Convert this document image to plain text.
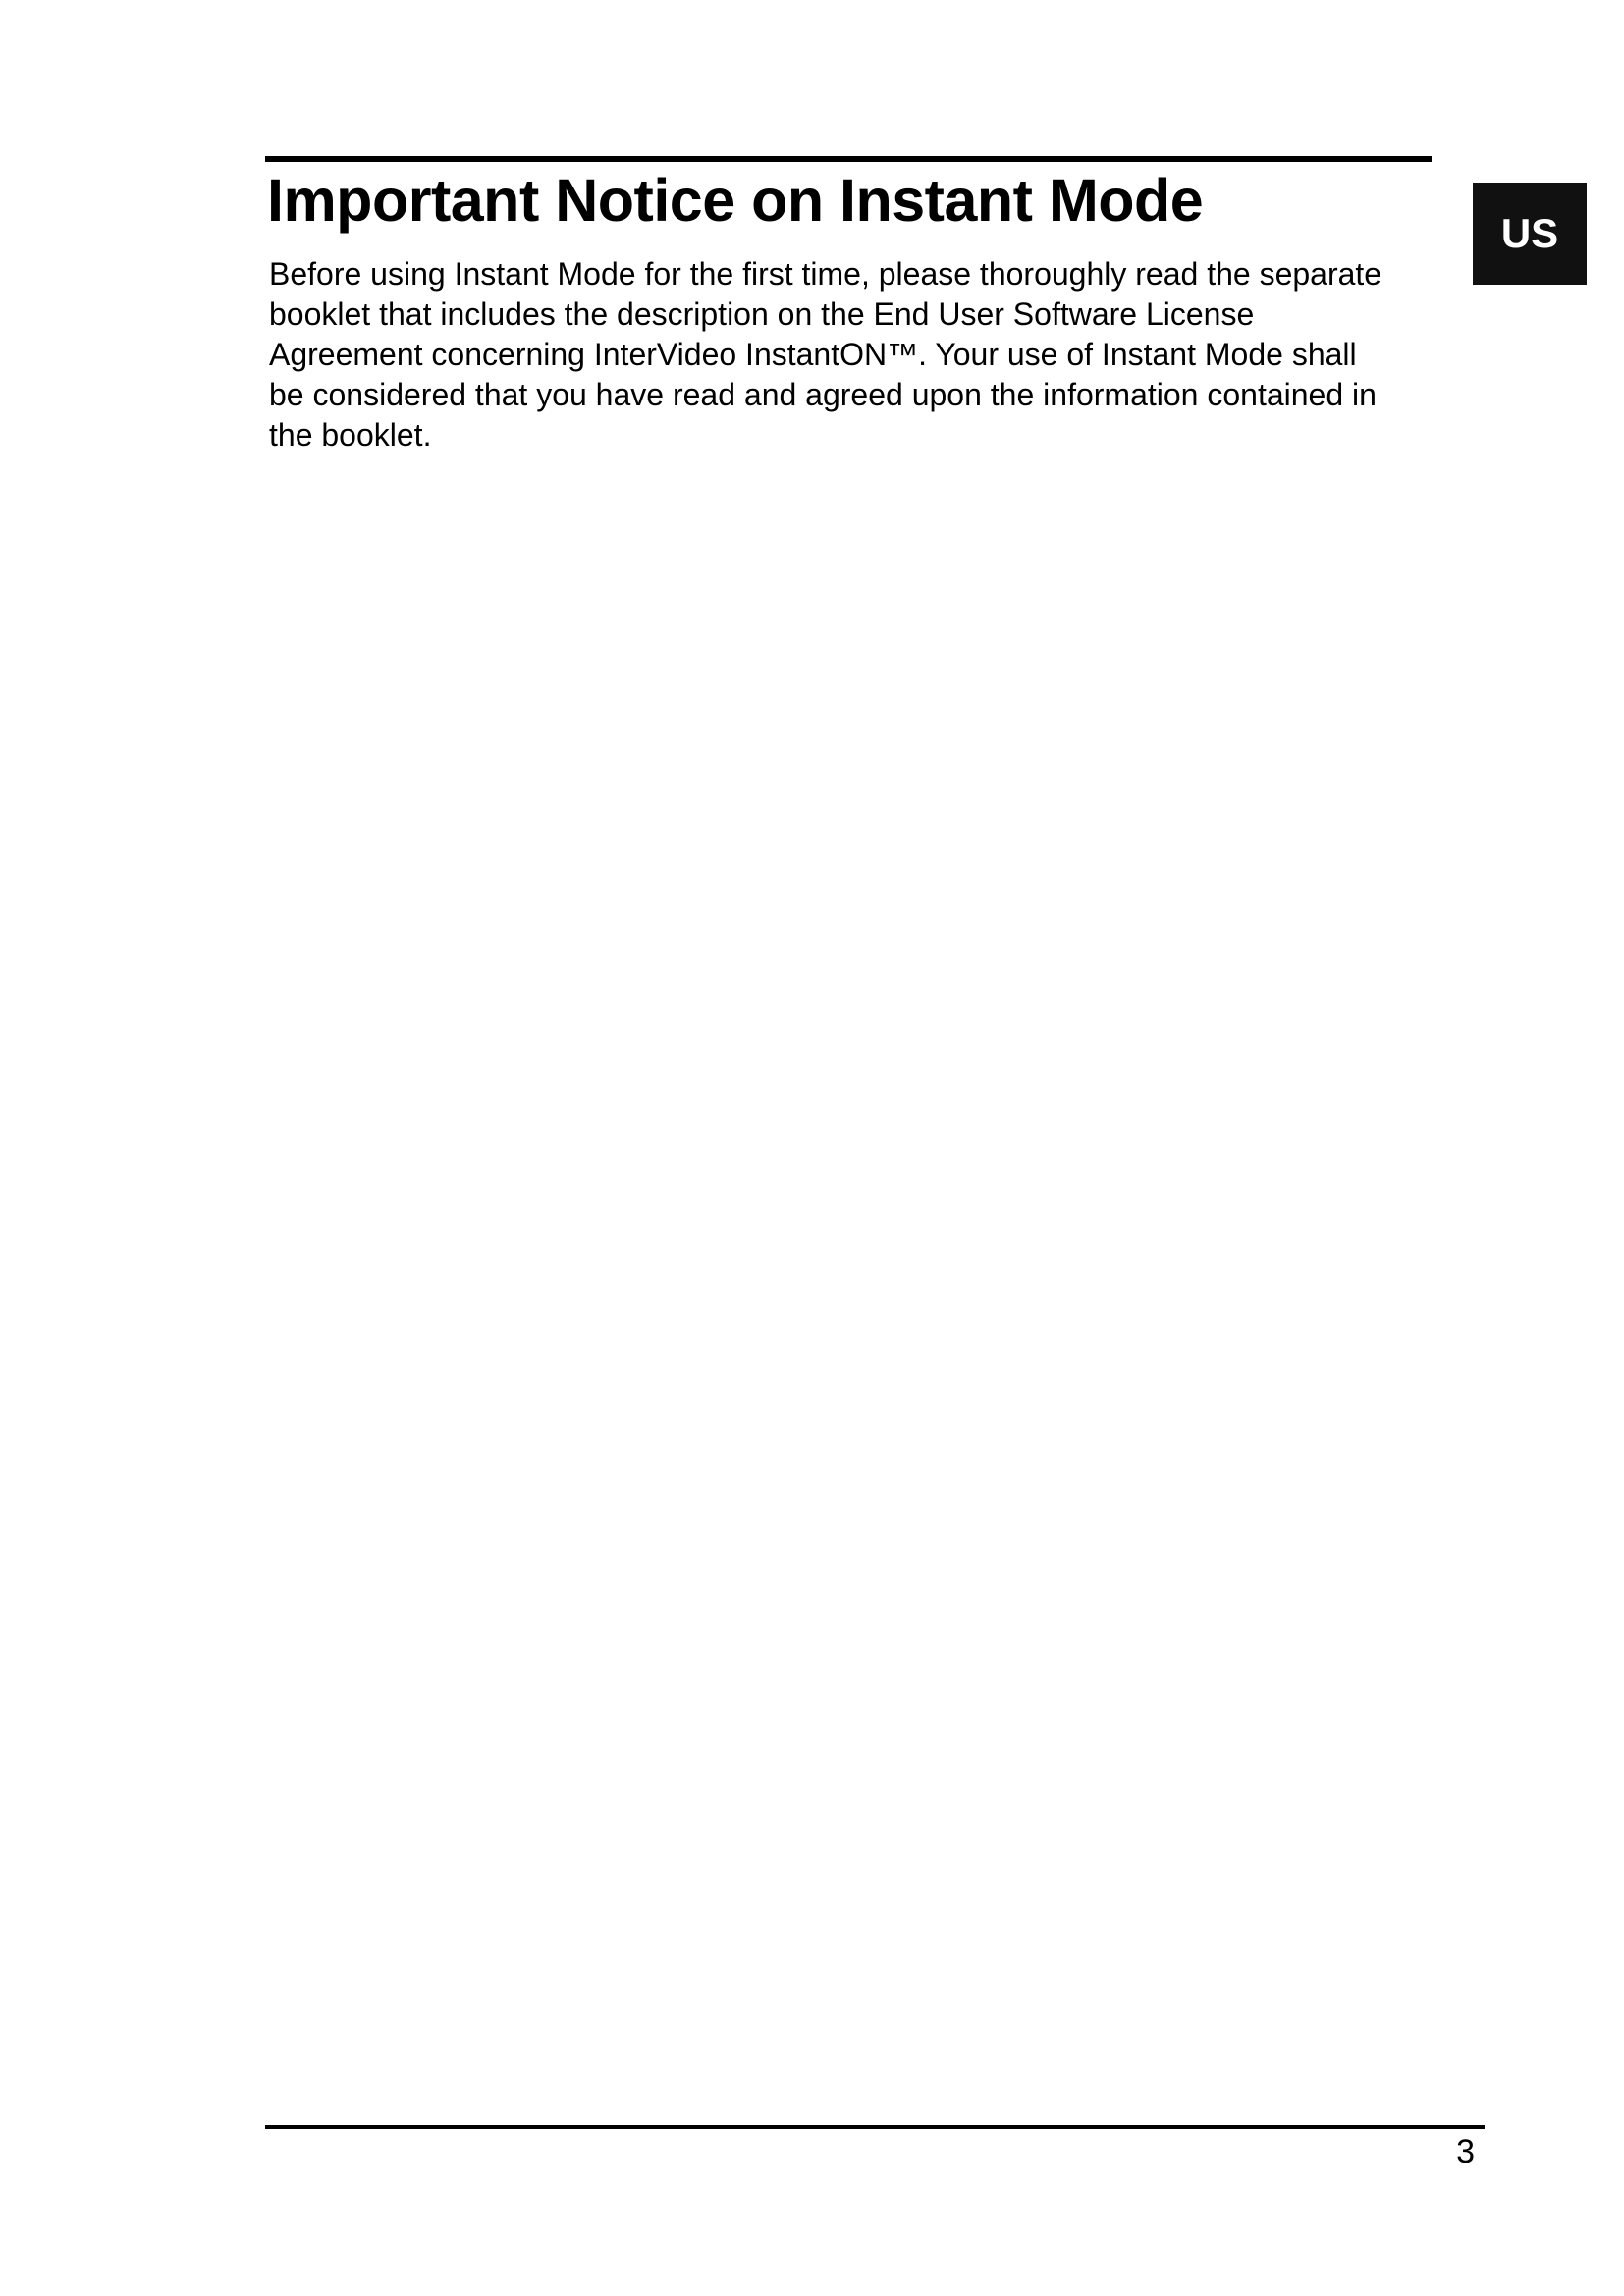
Important Notice on Instant Mode

Before using Instant Mode for the first time, please thoroughly read the separate
booklet that includes the description on the End User Software License
Agreement concerning InterVideo InstantON™. Your use of Instant Mode shall
be considered that you have read and agreed upon the information contained in
the booklet.

US
3
